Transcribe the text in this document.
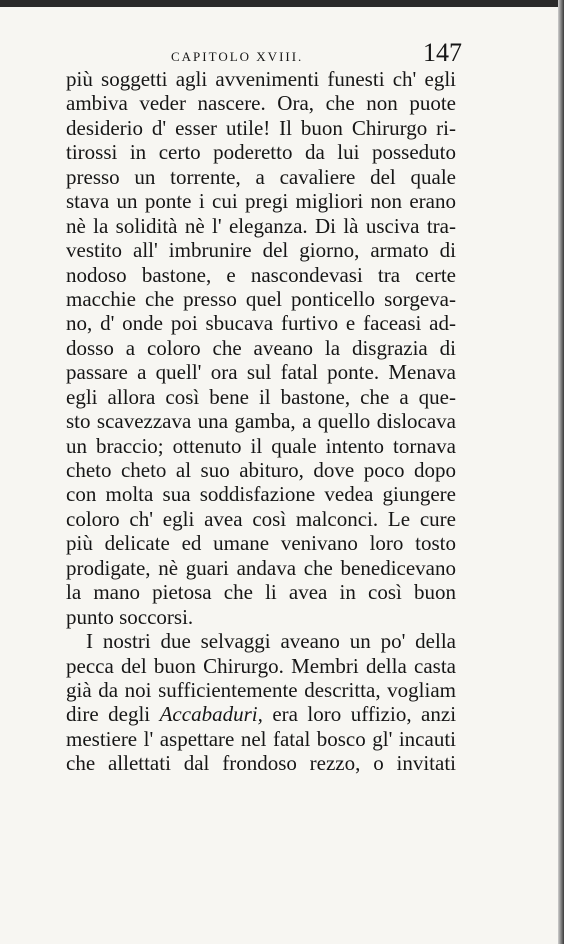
CAPITOLO XVIII.	147
più soggetti agli avvenimenti funesti ch' egli
ambiva veder nascere. Ora, che non puote
desiderio d' esser utile! Il buon Chirurgo ri-
tirossi in certo poderetto da lui posseduto
presso un torrente, a cavaliere del quale
stava un ponte i cui pregi migliori non erano
nè la solidità nè l' eleganza. Di là usciva tra-
vestito all' imbrunire del giorno, armato di
nodoso bastone, e nascondevasi tra certe
macchie che presso quel ponticello sorgeva-
no, d' onde poi sbucava furtivo e faceasi ad-
dosso a coloro che aveano la disgrazia di
passare a quell' ora sul fatal ponte. Menava
egli allora così bene il bastone, che a que-
sto scavezzava una gamba, a quello dislocava
un braccio; ottenuto il quale intento tornava
cheto cheto al suo abituro, dove poco dopo
con molta sua soddisfazione vedea giungere
coloro ch' egli avea così malconci. Le cure
più delicate ed umane venivano loro tosto
prodigate, nè guari andava che benedicevano
la mano pietosa che li avea in così buon
punto soccorsi.
I nostri due selvaggi aveano un po' della
pecca del buon Chirurgo. Membri della casta
già da noi sufficientemente descritta, vogliam
dire degli Accabaduri, era loro uffizio, anzi
mestiere l' aspettare nel fatal bosco gl' incauti
che allettati dal frondoso rezzo, o invitati
